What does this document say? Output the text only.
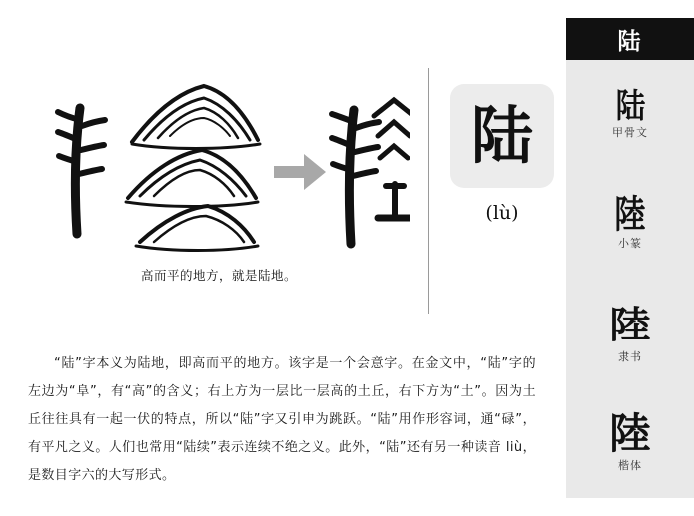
陆
陆
甲骨文
陸
小篆
陸
隶书
陸
楷体
陆
(lù)
高而平的地方，就是陆地。
“陆”字本义为陆地，即高而平的地方。该字是一个会意字。在金文中，“陆”字的左边为“阜”，有“高”的含义；右上方为一层比一层高的土丘，右下方为“土”。因为土丘往往具有一起一伏的特点，所以“陆”字又引申为跳跃。“陆”用作形容词，通“碌”，有平凡之义。人们也常用“陆续”表示连续不绝之义。此外，“陆”还有另一种读音 liù，是数目字六的大写形式。
